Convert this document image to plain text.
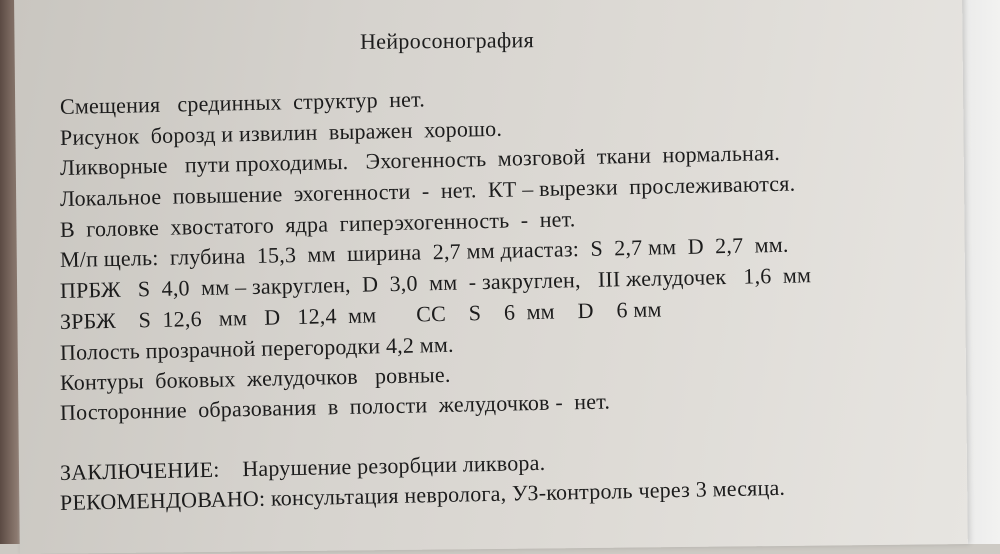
Нейросонография
Смещения   срединных  структур  нет.
Рисунок  борозд и извилин  выражен  хорошо.
Ликворные   пути проходимы.   Эхогенность  мозговой  ткани  нормальная.
Локальное  повышение  эхогенности  -  нет.  КТ – вырезки  прослеживаются.
В  головке  хвостатого  ядра  гиперэхогенность  -  нет.
М/п щель:  глубина  15,3  мм  ширина  2,7 мм диастаз:  S  2,7 мм  D  2,7  мм.
ПРБЖ   S  4,0  мм – закруглен,  D  3,0  мм  - закруглен,   III желудочек   1,6  мм
ЗРБЖ    S  12,6   мм   D   12,4  мм       СС    S    6  мм    D    6 мм
Полость прозрачной перегородки 4,2 мм.
Контуры  боковых  желудочков   ровные.
Посторонние  образования  в  полости  желудочков -  нет.
ЗАКЛЮЧЕНИЕ:    Нарушение резорбции ликвора.
РЕКОМЕНДОВАНО: консультация невролога, УЗ-контроль через 3 месяца.
